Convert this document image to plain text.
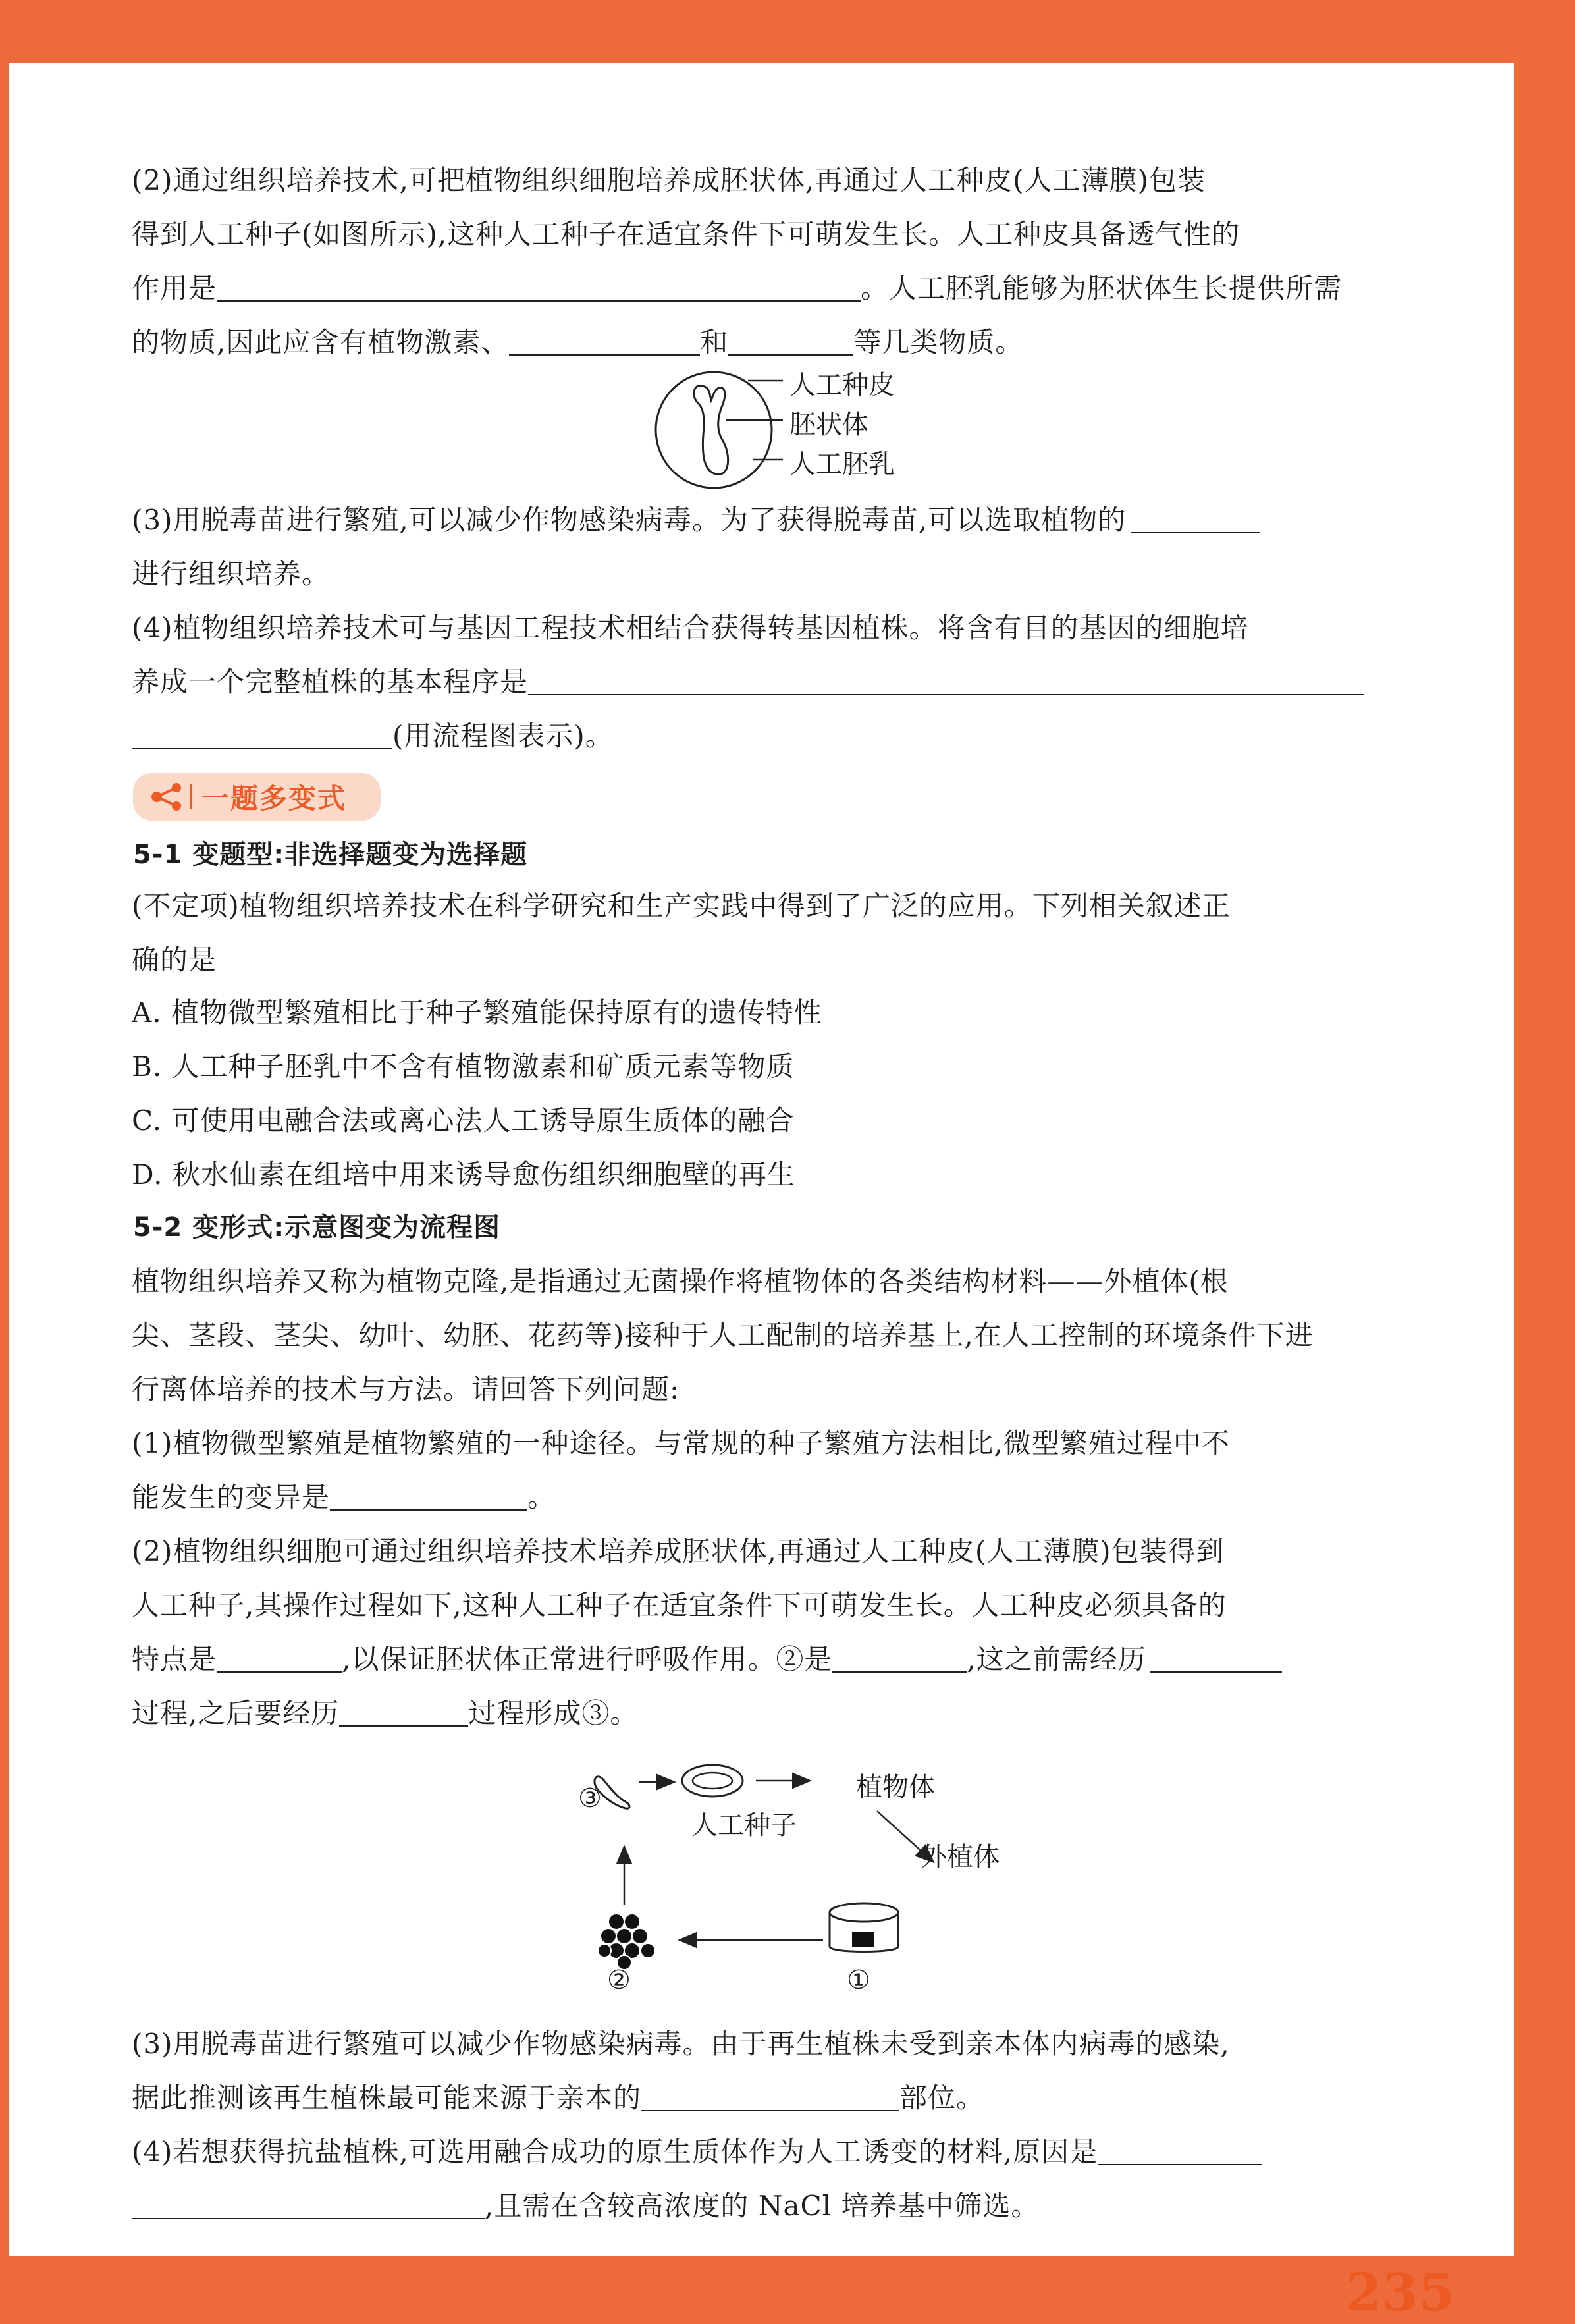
(2)通过组织培养技术,可把植物组织细胞培养成胚状体,再通过人工种皮(人工薄膜)包装
得到人工种子(如图所示),这种人工种子在适宜条件下可萌发生长。人工种皮具备透气性的
作用是	。人工胚乳能够为胚状体生长提供所需
的物质,因此应含有植物激素、	和	等几类物质。
人工种皮
胚状体
人工胚乳
(3)用脱毒苗进行繁殖,可以减少作物感染病毒。为了获得脱毒苗,可以选取植物的
进行组织培养。
(4)植物组织培养技术可与基因工程技术相结合获得转基因植株。将含有目的基因的细胞培
养成一个完整植株的基本程序是
(用流程图表示)。
一题多变式
5-1 变题型:非选择题变为选择题
(不定项)植物组织培养技术在科学研究和生产实践中得到了广泛的应用。下列相关叙述正
确的是
A. 植物微型繁殖相比于种子繁殖能保持原有的遗传特性
B. 人工种子胚乳中不含有植物激素和矿质元素等物质
C. 可使用电融合法或离心法人工诱导原生质体的融合
D. 秋水仙素在组培中用来诱导愈伤组织细胞壁的再生
5-2 变形式:示意图变为流程图
植物组织培养又称为植物克隆,是指通过无菌操作将植物体的各类结构材料——外植体(根
尖、茎段、茎尖、幼叶、幼胚、花药等)接种于人工配制的培养基上,在人工控制的环境条件下进
行离体培养的技术与方法。请回答下列问题:
(1)植物微型繁殖是植物繁殖的一种途径。与常规的种子繁殖方法相比,微型繁殖过程中不
能发生的变异是	。
(2)植物组织细胞可通过组织培养技术培养成胚状体,再通过人工种皮(人工薄膜)包装得到
人工种子,其操作过程如下,这种人工种子在适宜条件下可萌发生长。人工种皮必须具备的
特点是	,以保证胚状体正常进行呼吸作用。②是	,这之前需经历
过程,之后要经历	过程形成③。
人工种子
植物体
外植体
①
②
③
(3)用脱毒苗进行繁殖可以减少作物感染病毒。由于再生植株未受到亲本体内病毒的感染,
据此推测该再生植株最可能来源于亲本的	部位。
(4)若想获得抗盐植株,可选用融合成功的原生质体作为人工诱变的材料,原因是
,且需在含较高浓度的 NaCl 培养基中筛选。
235
